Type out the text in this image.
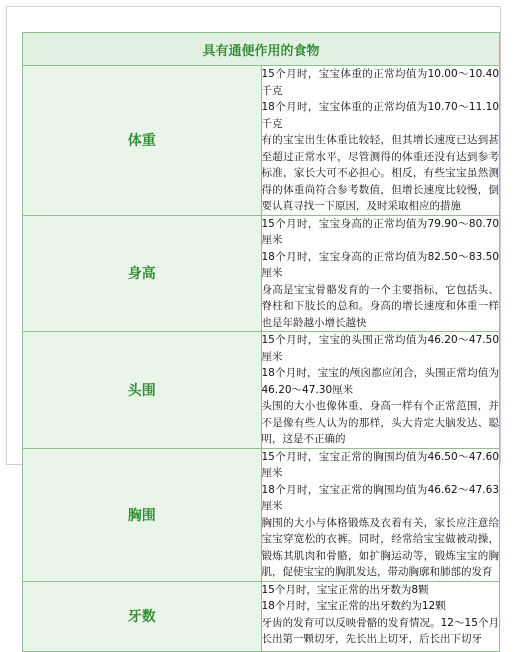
具有通便作用的食物	
体重	15个月时，宝宝体重的正常均值为10.00～10.40千克
18个月时，宝宝体重的正常均值为10.70～11.10千克
有的宝宝出生体重比较轻，但其增长速度已达到甚至超过正常水平，尽管测得的体重还没有达到参考标准，家长大可不必担心。相反，有些宝宝虽然测得的体重尚符合参考数值，但增长速度比较慢，倒要认真寻找一下原因，及时采取相应的措施

身高	15个月时，宝宝身高的正常均值为79.90～80.70厘米
18个月时，宝宝身高的正常均值为82.50～83.50厘米
身高是宝宝骨骼发育的一个主要指标，它包括头、脊柱和下肢长的总和。身高的增长速度和体重一样也是年龄越小增长越快

头围	15个月时，宝宝的头围正常均值为46.20～47.50厘米
18个月时，宝宝的颅囟都应闭合，头围正常均值为46.20～47.30厘米
头围的大小也像体重、身高一样有个正常范围，并不是像有些人认为的那样，头大肯定大脑发达、聪明，这是不正确的

胸围	15个月时，宝宝正常的胸围均值为46.50～47.60厘米
18个月时，宝宝正常的胸围均值为46.62～47.63厘米
胸围的大小与体格锻炼及衣着有关，家长应注意给宝宝穿宽松的衣裤。同时，经常给宝宝做被动操，锻炼其肌肉和骨骼，如扩胸运动等，锻炼宝宝的胸肌，促使宝宝的胸肌发达，带动胸廓和肺部的发育

牙数	15个月时，宝宝正常的出牙数为8颗
18个月时，宝宝正常的出牙数约为12颗
牙齿的发育可以反映骨骼的发育情况。12～15个月长出第一颗切牙，先长出上切牙，后长出下切牙
